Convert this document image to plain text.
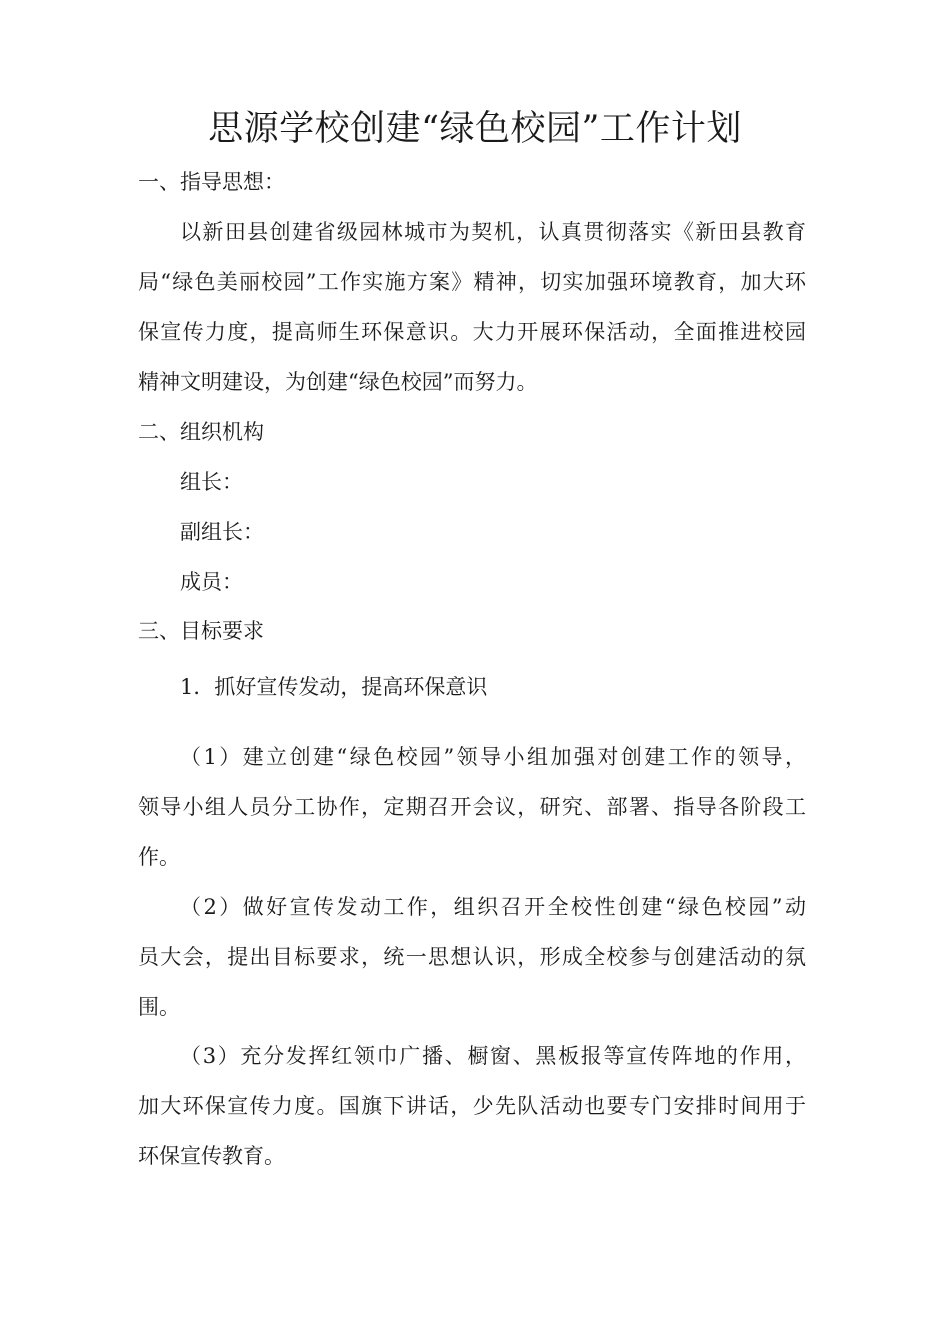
思源学校创建“绿色校园”工作计划
一、指导思想：
以新田县创建省级园林城市为契机，认真贯彻落实《新田县教育
局“绿色美丽校园”工作实施方案》精神，切实加强环境教育，加大环
保宣传力度，提高师生环保意识。大力开展环保活动，全面推进校园
精神文明建设，为创建“绿色校园”而努力。
二、组织机构
组长：
副组长：
成员：
三、目标要求
1．抓好宣传发动，提高环保意识
（1）建立创建“绿色校园”领导小组加强对创建工作的领导，
领导小组人员分工协作，定期召开会议，研究、部署、指导各阶段工
作。
（2）做好宣传发动工作，组织召开全校性创建“绿色校园”动
员大会，提出目标要求，统一思想认识，形成全校参与创建活动的氛
围。
（3）充分发挥红领巾广播、橱窗、黑板报等宣传阵地的作用，
加大环保宣传力度。国旗下讲话，少先队活动也要专门安排时间用于
环保宣传教育。
